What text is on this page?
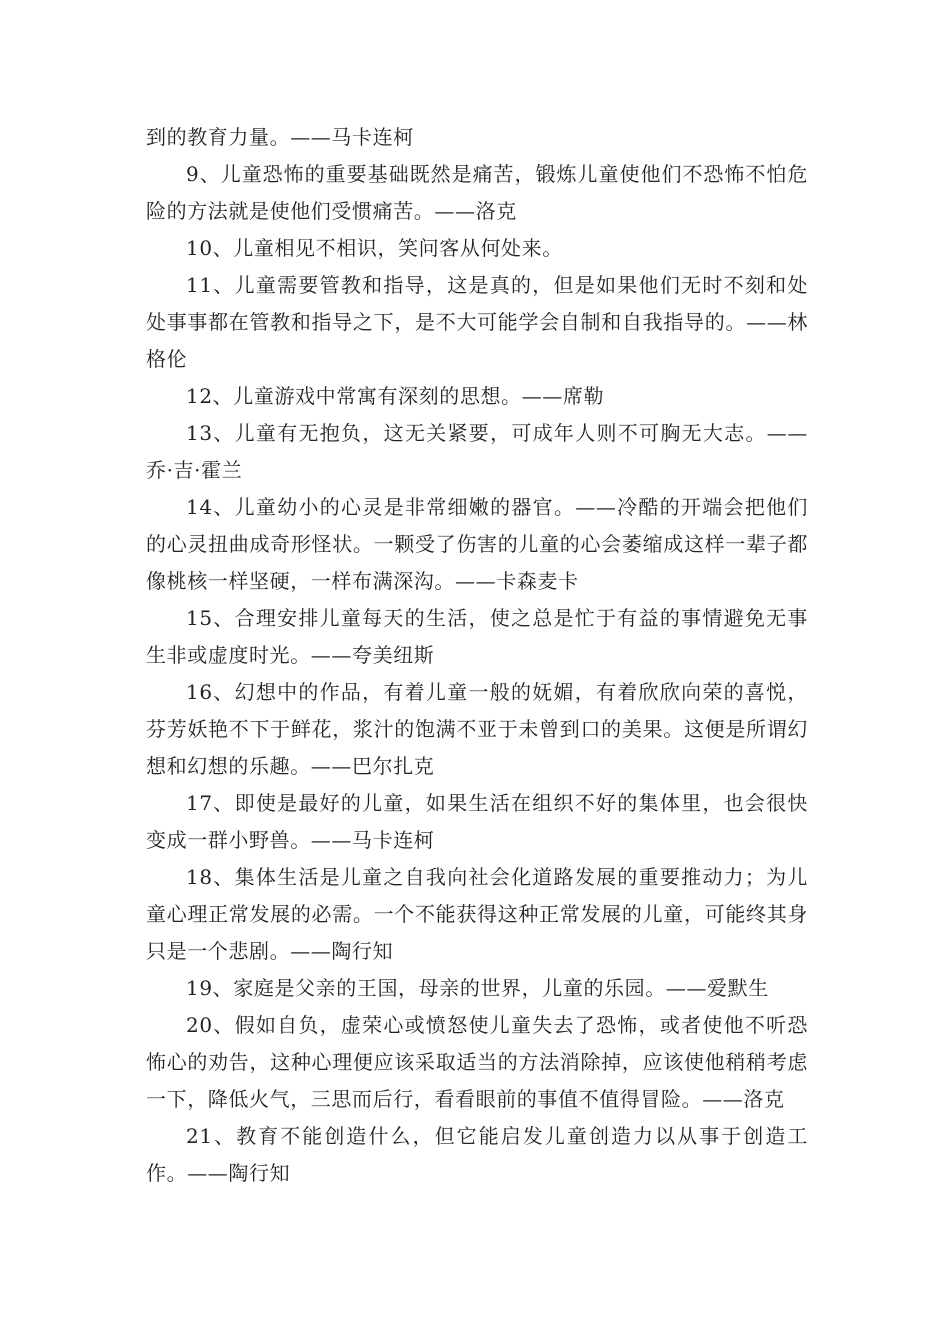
到的教育力量。——马卡连柯

9、儿童恐怖的重要基础既然是痛苦，锻炼儿童使他们不恐怖不怕危险的方法就是使他们受惯痛苦。——洛克

10、儿童相见不相识，笑问客从何处来。

11、儿童需要管教和指导，这是真的，但是如果他们无时不刻和处处事事都在管教和指导之下，是不大可能学会自制和自我指导的。——林格伦

12、儿童游戏中常寓有深刻的思想。——席勒

13、儿童有无抱负，这无关紧要，可成年人则不可胸无大志。——乔·吉·霍兰

14、儿童幼小的心灵是非常细嫩的器官。——冷酷的开端会把他们的心灵扭曲成奇形怪状。一颗受了伤害的儿童的心会萎缩成这样一辈子都像桃核一样坚硬，一样布满深沟。——卡森麦卡

15、合理安排儿童每天的生活，使之总是忙于有益的事情避免无事生非或虚度时光。——夸美纽斯

16、幻想中的作品，有着儿童一般的妩媚，有着欣欣向荣的喜悦，芬芳妖艳不下于鲜花，浆汁的饱满不亚于未曾到口的美果。这便是所谓幻想和幻想的乐趣。——巴尔扎克

17、即使是最好的儿童，如果生活在组织不好的集体里，也会很快变成一群小野兽。——马卡连柯

18、集体生活是儿童之自我向社会化道路发展的重要推动力；为儿童心理正常发展的必需。一个不能获得这种正常发展的儿童，可能终其身只是一个悲剧。——陶行知

19、家庭是父亲的王国，母亲的世界，儿童的乐园。——爱默生

20、假如自负，虚荣心或愤怒使儿童失去了恐怖，或者使他不听恐怖心的劝告，这种心理便应该采取适当的方法消除掉，应该使他稍稍考虑一下，降低火气，三思而后行，看看眼前的事值不值得冒险。——洛克

21、教育不能创造什么，但它能启发儿童创造力以从事于创造工作。——陶行知
